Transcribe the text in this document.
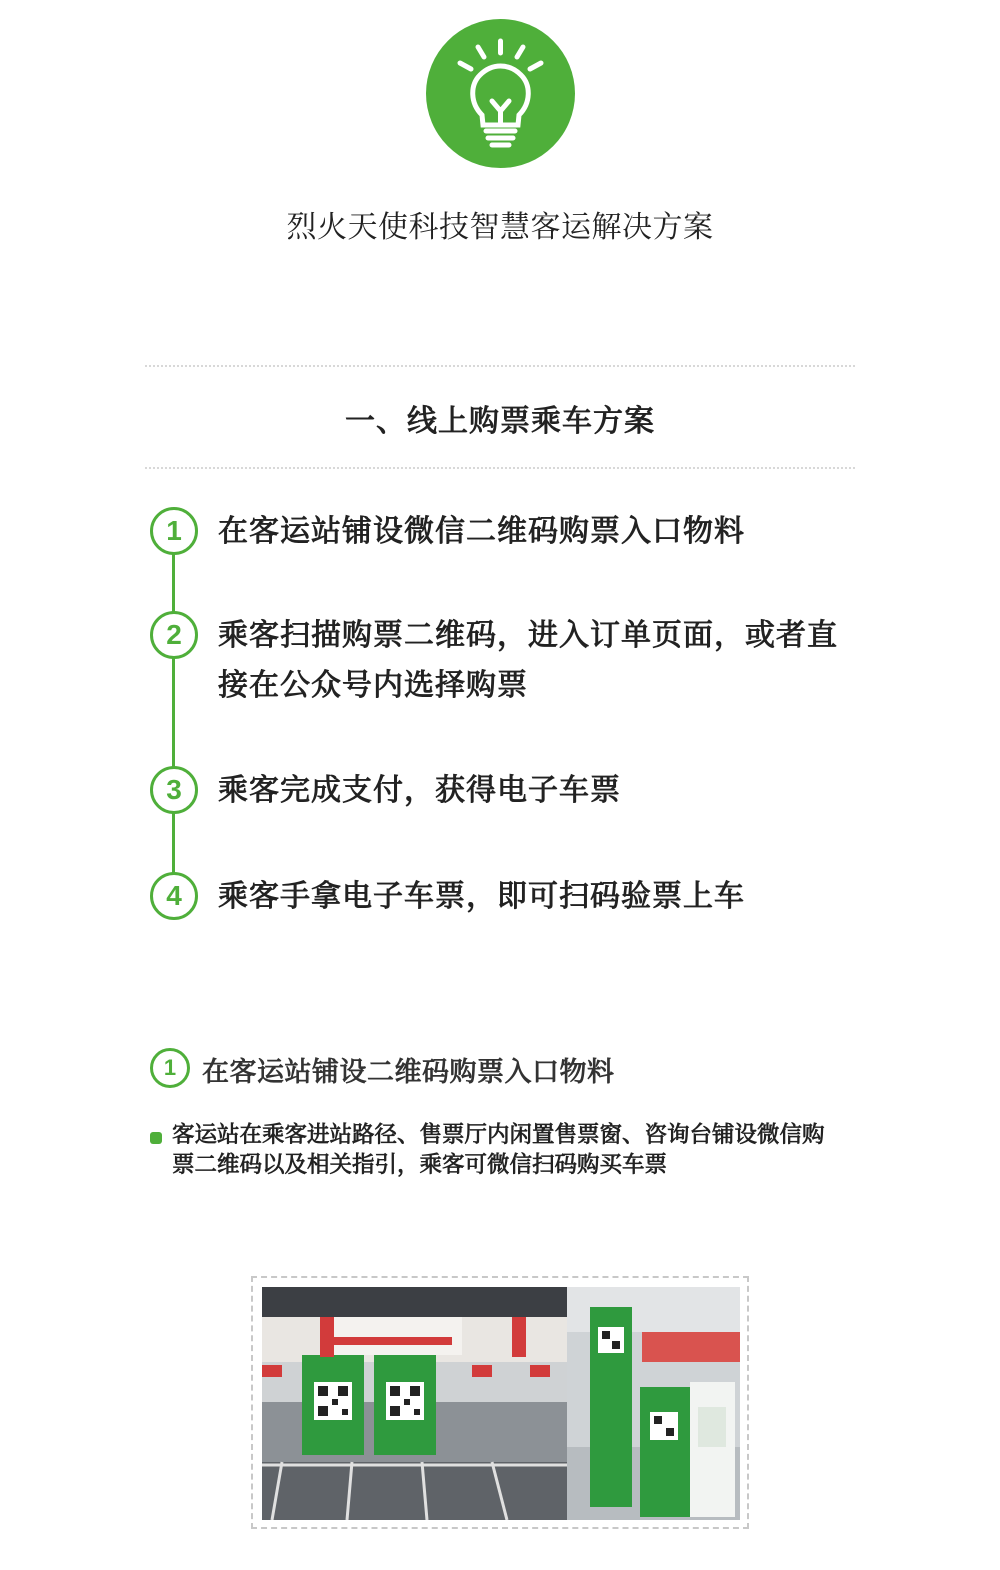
烈火天使科技智慧客运解决方案
一、线上购票乘车方案
1	在客运站铺设微信二维码购票入口物料
2	乘客扫描购票二维码，进入订单页面，或者直接在公众号内选择购票
3	乘客完成支付，获得电子车票
4	乘客手拿电子车票，即可扫码验票上车
1 在客运站铺设二维码购票入口物料
客运站在乘客进站路径、售票厅内闲置售票窗、咨询台铺设微信购票二维码以及相关指引，乘客可微信扫码购买车票
